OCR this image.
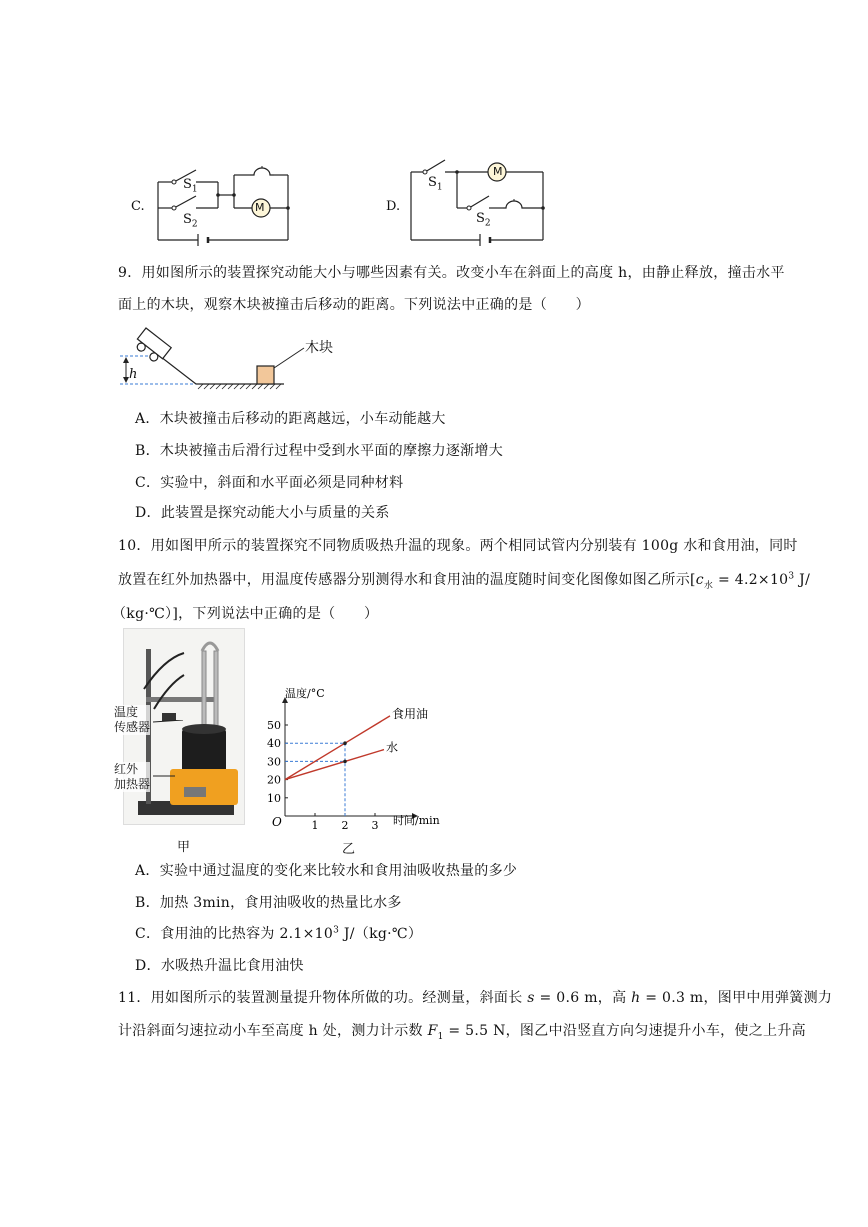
C.
$S_1$
$S_2$
M	D.
$S_1$
$S_2$
M
9．用如图所示的装置探究动能大小与哪些因素有关。改变小车在斜面上的高度 h，由静止释放，撞击水平
面上的木块，观察木块被撞击后移动的距离。下列说法中正确的是（　　）
木块
h
A．木块被撞击后移动的距离越远，小车动能越大
B．木块被撞击后滑行过程中受到水平面的摩擦力逐渐增大
C．实验中，斜面和水平面必须是同种材料
D．此装置是探究动能大小与质量的关系
10．用如图甲所示的装置探究不同物质吸热升温的现象。两个相同试管内分别装有 100g 水和食用油，同时
放置在红外加热器中，用温度传感器分别测得水和食用油的温度随时间变化图像如图乙所示[$c_水 = 4.2\times 10^3$ J/
（kg·℃）]，下列说法中正确的是（　　）
温度
传感器
红外
加热器
甲	乙
10
20
30
40
50
1 2 3
食用油
水
温度/°C
时间/min
O
A．实验中通过温度的变化来比较水和食用油吸收热量的多少
B．加热 3min，食用油吸收的热量比水多
C．食用油的比热容为 $2.1\times 10^3$ J/（kg·℃）
D．水吸热升温比食用油快
11．用如图所示的装置测量提升物体所做的功。经测量，斜面长 s = 0.6 m，高 h = 0.3 m，图甲中用弹簧测力
计沿斜面匀速拉动小车至高度 h 处，测力计示数 $F_1 = 5.5$ N，图乙中沿竖直方向匀速提升小车，使之上升高
